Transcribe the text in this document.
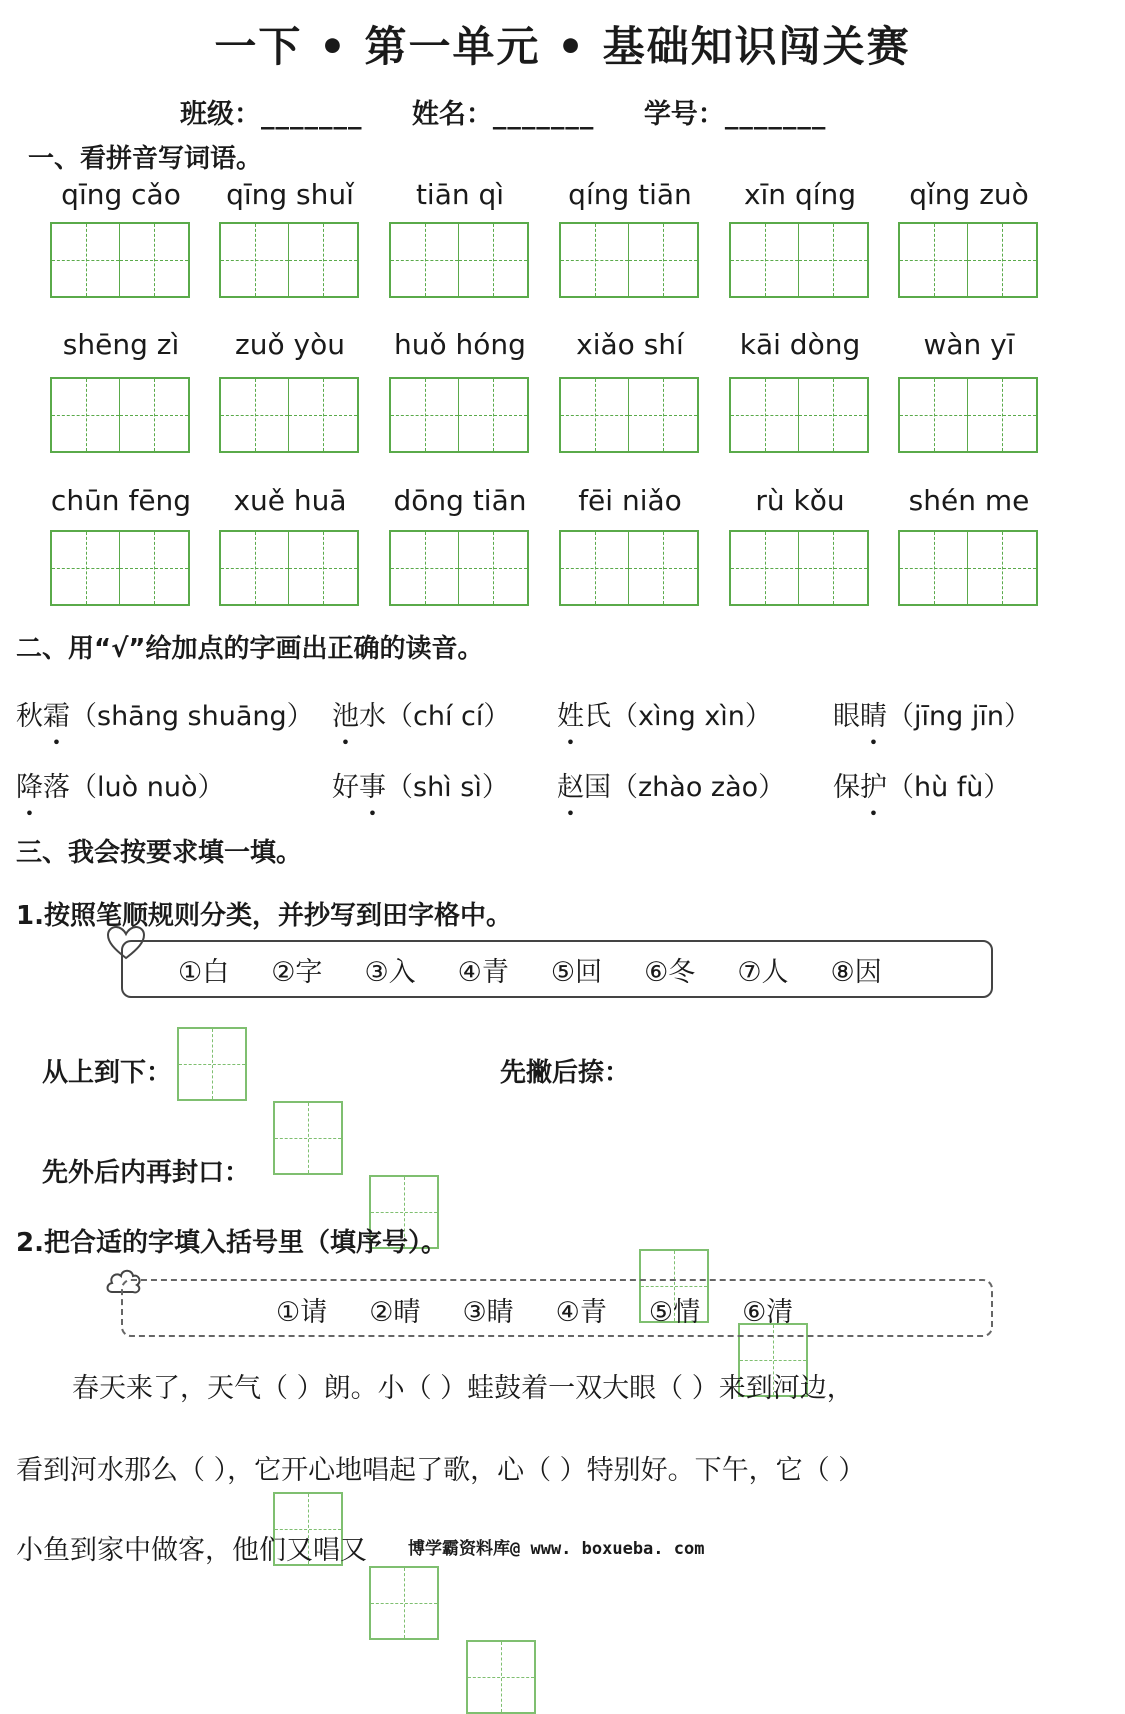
一下 • 第一单元 • 基础知识闯关赛
班级：_______ 姓名：_______ 学号：_______
一、看拼音写词语。
qīng cǎo	qīng shuǐ	tiān qì	qíng tiān	xīn qíng	qǐng zuò
shēng zì	zuǒ yòu	huǒ hóng	xiǎo shí	kāi dòng	wàn yī
chūn fēng	xuě huā	dōng tiān	fēi niǎo	rù kǒu	shén me
二、用“√”给加点的字画出正确的读音。
秋霜（shāng shuāng） 池水（chí cí） 姓氏（xìng xìn） 眼睛（jīng jīn）
降落（luò nuò）	好事（shì sì） 赵国（zhào zào） 保护（hù fù）
三、我会按要求填一填。
1.按照笔顺规则分类，并抄写到田字格中。
①白 ②字 ③入 ④青 ⑤回 ⑥冬 ⑦人 ⑧因
从上到下：	先撇后捺：
先外后内再封口：
2.把合适的字填入括号里（填序号）。
①请 ②晴 ③睛 ④青 ⑤情 ⑥清
春天来了，天气（ ）朗。小（ ）蛙鼓着一双大眼（ ）来到河边，
看到河水那么（ ），它开心地唱起了歌，心（ ）特别好。下午，它（ ）
小鱼到家中做客，他们又唱又 博学霸资料库@ www. boxueba. com
